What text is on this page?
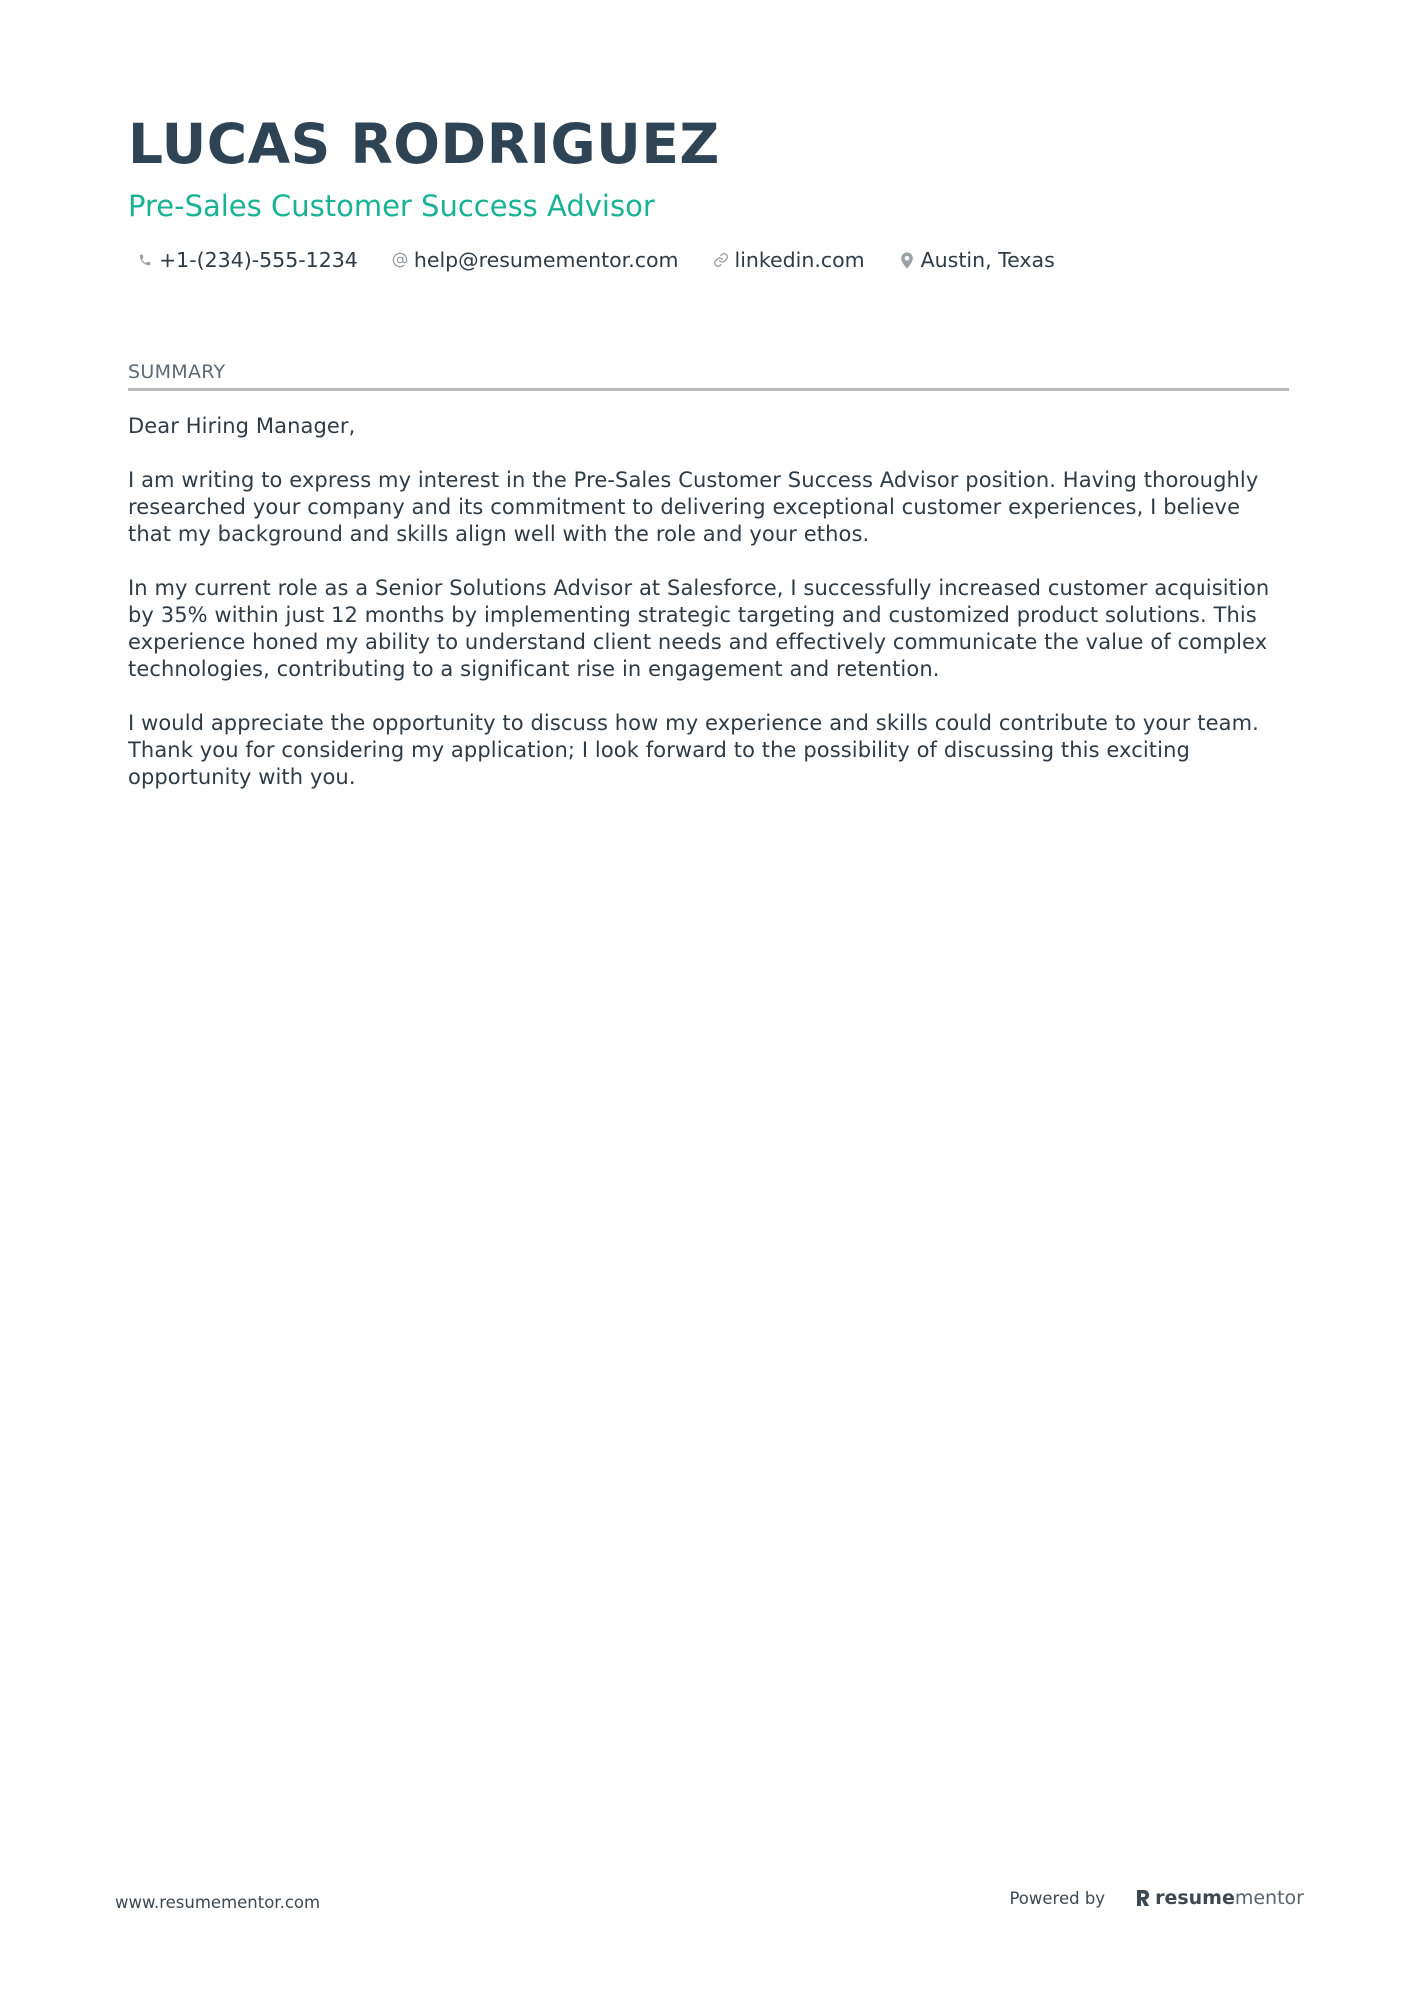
LUCAS RODRIGUEZ
Pre-Sales Customer Success Advisor
+1-(234)-555-1234	help@resumementor.com	linkedin.com	Austin, Texas
SUMMARY

Dear Hiring Manager,

I am writing to express my interest in the Pre-Sales Customer Success Advisor position. Having thoroughly researched your company and its commitment to delivering exceptional customer experiences, I believe that my background and skills align well with the role and your ethos.

In my current role as a Senior Solutions Advisor at Salesforce, I successfully increased customer acquisition by 35% within just 12 months by implementing strategic targeting and customized product solutions. This experience honed my ability to understand client needs and effectively communicate the value of complex technologies, contributing to a significant rise in engagement and retention.

I would appreciate the opportunity to discuss how my experience and skills could contribute to your team. Thank you for considering my application; I look forward to the possibility of discussing this exciting opportunity with you.

www.resumementor.com	Powered by	resume mentor
